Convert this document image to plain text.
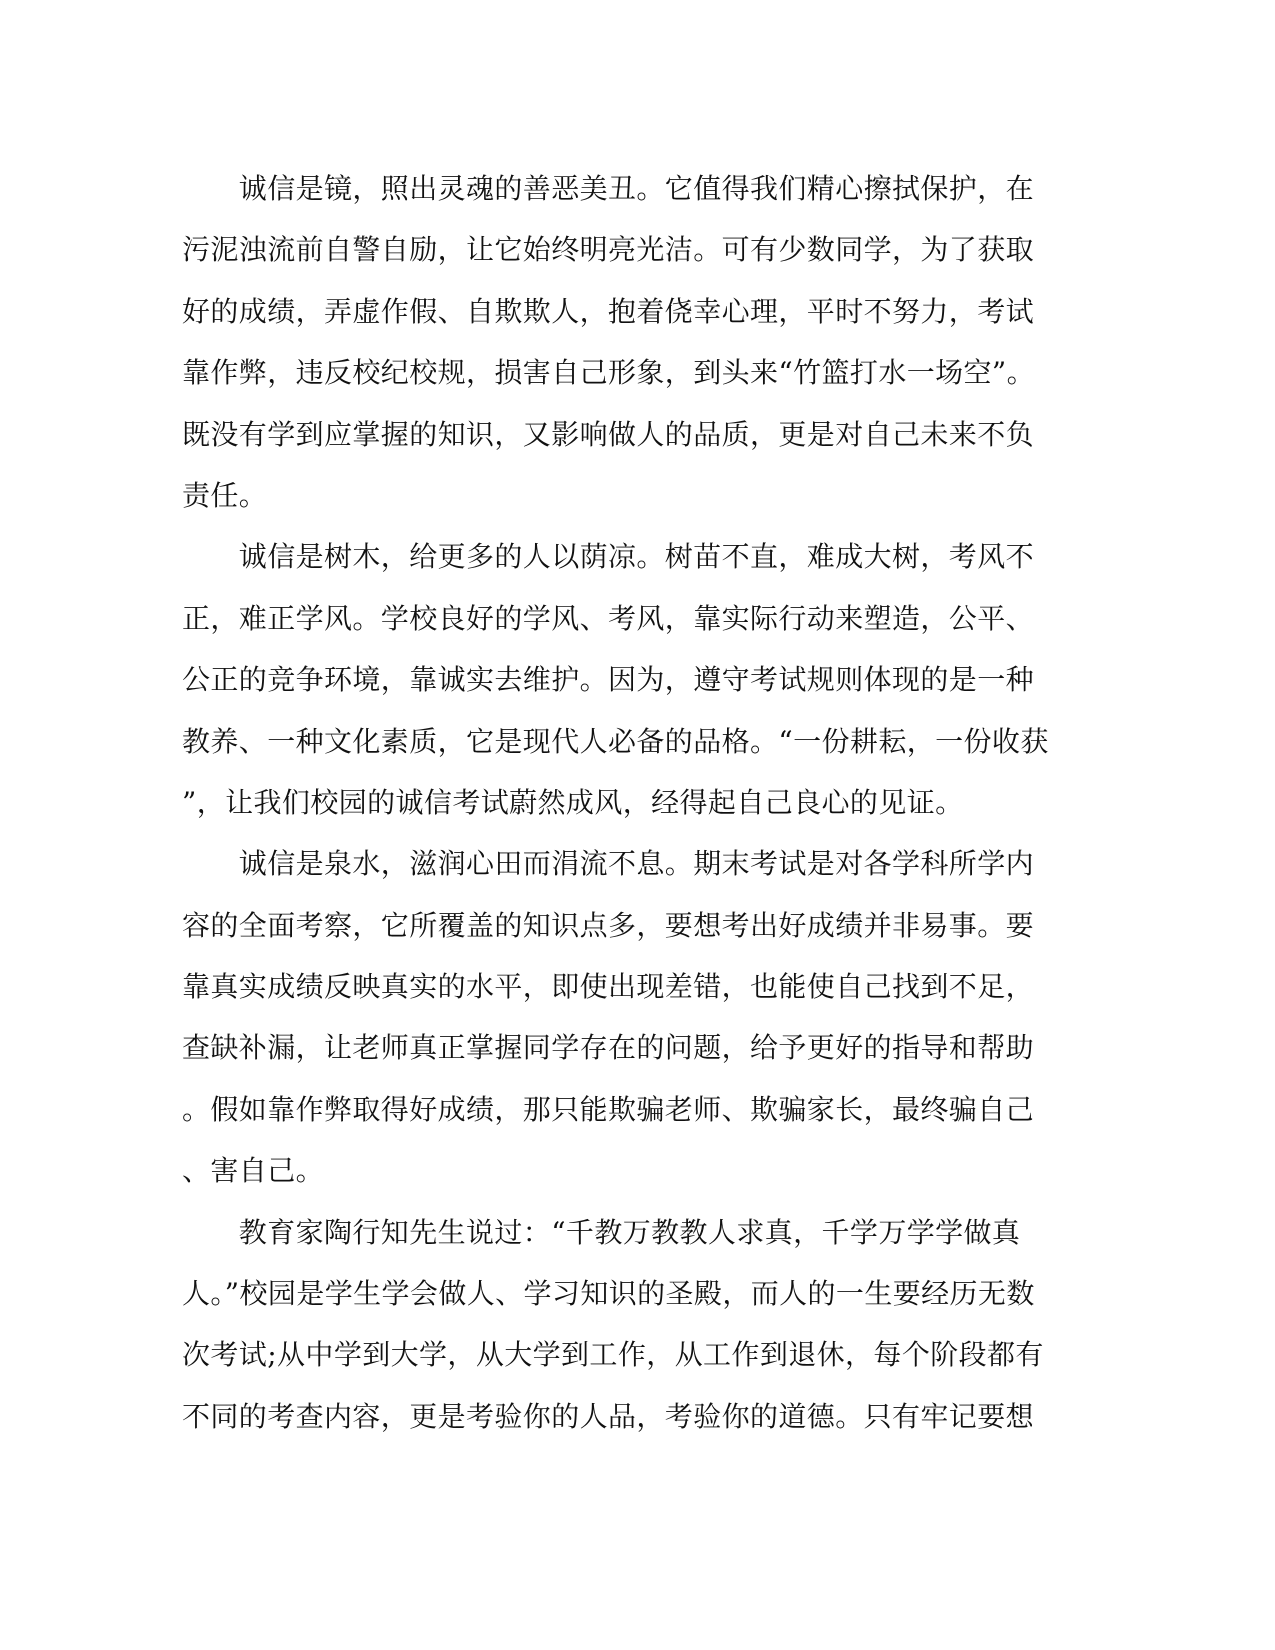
　　诚信是镜，照出灵魂的善恶美丑。它值得我们精心擦拭保护，在
污泥浊流前自警自励，让它始终明亮光洁。可有少数同学，为了获取
好的成绩，弄虚作假、自欺欺人，抱着侥幸心理，平时不努力，考试
靠作弊，违反校纪校规，损害自己形象，到头来“竹篮打水一场空”。
既没有学到应掌握的知识，又影响做人的品质，更是对自己未来不负
责任。
　　诚信是树木，给更多的人以荫凉。树苗不直，难成大树，考风不
正，难正学风。学校良好的学风、考风，靠实际行动来塑造，公平、
公正的竞争环境，靠诚实去维护。因为，遵守考试规则体现的是一种
教养、一种文化素质，它是现代人必备的品格。“一份耕耘，一份收获
”，让我们校园的诚信考试蔚然成风，经得起自己良心的见证。
　　诚信是泉水，滋润心田而涓流不息。期末考试是对各学科所学内
容的全面考察，它所覆盖的知识点多，要想考出好成绩并非易事。要
靠真实成绩反映真实的水平，即使出现差错，也能使自己找到不足，
查缺补漏，让老师真正掌握同学存在的问题，给予更好的指导和帮助
。假如靠作弊取得好成绩，那只能欺骗老师、欺骗家长，最终骗自己
、害自己。
　　教育家陶行知先生说过：“千教万教教人求真，千学万学学做真
人。”校园是学生学会做人、学习知识的圣殿，而人的一生要经历无数
次考试;从中学到大学，从大学到工作，从工作到退休，每个阶段都有
不同的考查内容，更是考验你的人品，考验你的道德。只有牢记要想
